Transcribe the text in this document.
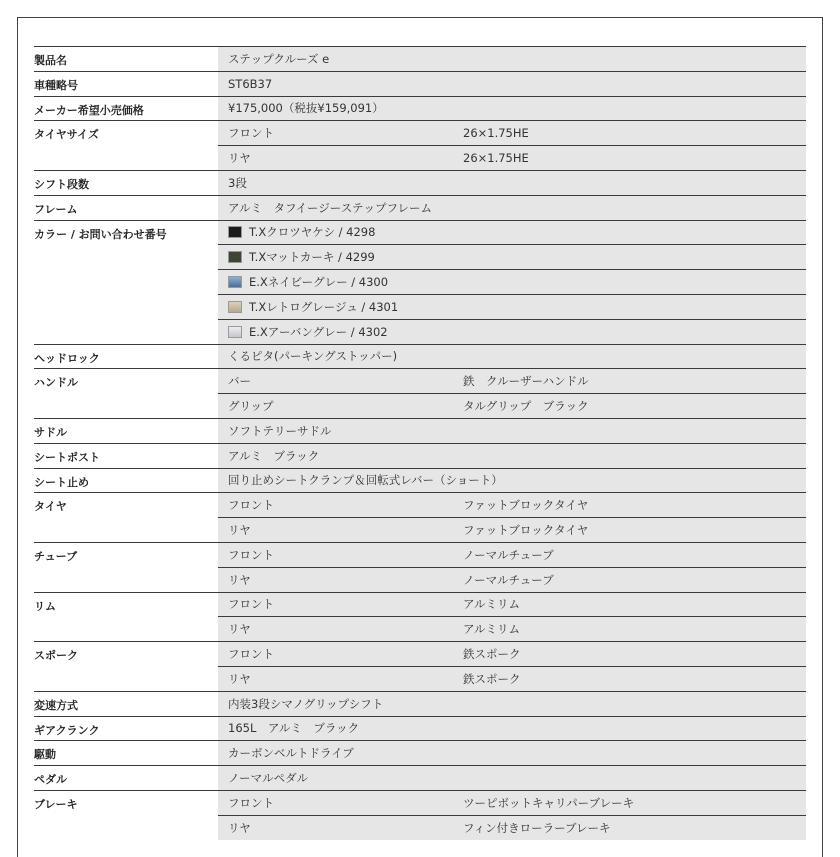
製品名	ステップクルーズ e
車種略号	ST6B37
メーカー希望小売価格	¥175,000（税抜¥159,091）
タイヤサイズ	フロント	26×1.75HE
リヤ	26×1.75HE
シフト段数	3段
フレーム	アルミ　タフイージーステップフレーム
カラー / お問い合わせ番号	T.Xクロツヤケシ / 4298
T.Xマットカーキ / 4299
E.Xネイビーグレー / 4300
T.Xレトログレージュ / 4301
E.Xアーバングレー / 4302
ヘッドロック	くるピタ(パーキングストッパー)
ハンドル	バー	鉄　クルーザーハンドル
グリップ	タルグリップ　ブラック
サドル	ソフトテリーサドル
シートポスト	アルミ　ブラック
シート止め	回り止めシートクランプ＆回転式レバー（ショート）
タイヤ	フロント	ファットブロックタイヤ
リヤ	ファットブロックタイヤ
チューブ	フロント	ノーマルチューブ
リヤ	ノーマルチューブ
リム	フロント	アルミリム
リヤ	アルミリム
スポーク	フロント	鉄スポーク
リヤ	鉄スポーク
変速方式	内装3段シマノグリップシフト
ギアクランク	165L　アルミ　ブラック
駆動	カーボンベルトドライブ
ペダル	ノーマルペダル
ブレーキ	フロント	ツーピボットキャリパーブレーキ
リヤ	フィン付きローラーブレーキ
